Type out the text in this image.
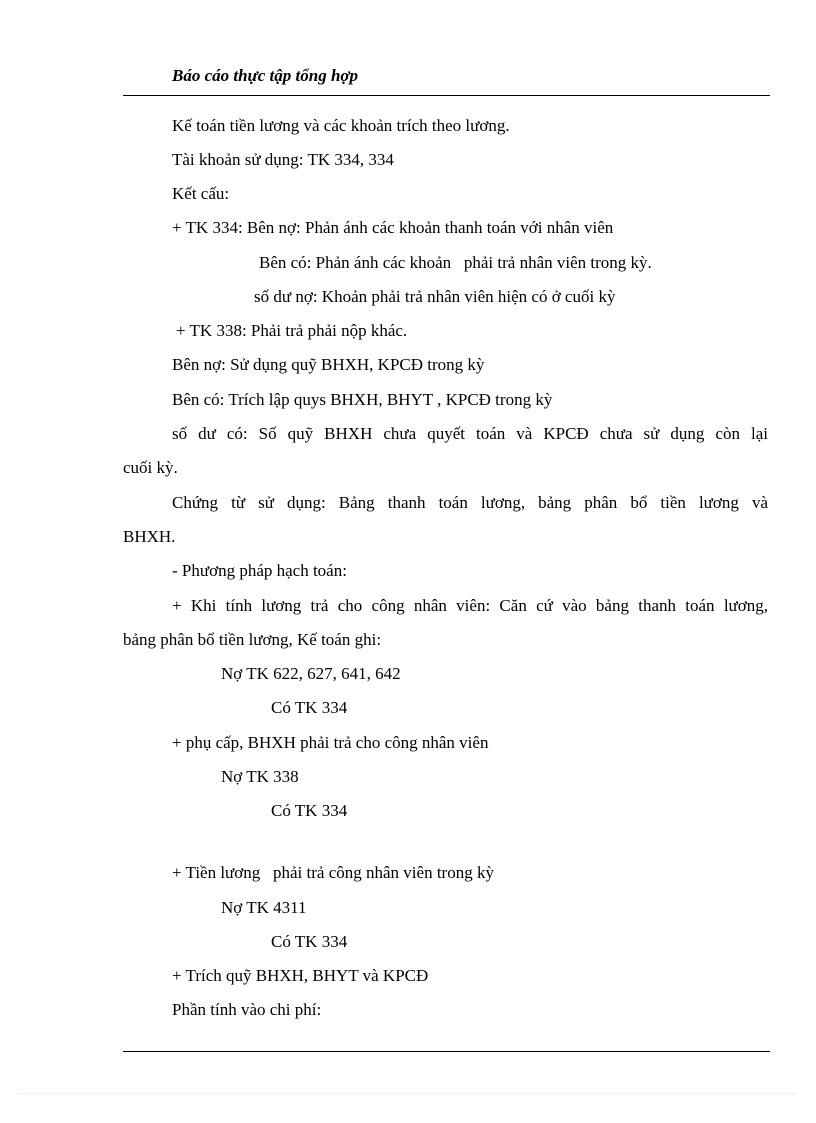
Báo cáo thực tập tổng hợp
Kế toán tiền lương và các khoản trích theo lương.
Tài khoản sử dụng: TK 334, 334
Kết cấu:
+ TK 334: Bên nợ: Phản ánh các khoản thanh toán với nhân viên
Bên có: Phản ánh các khoản   phải trả nhân viên trong kỳ.
số dư nợ: Khoản phải trả nhân viên hiện có ở cuối kỳ
+ TK 338: Phải trả phải nộp khác.
Bên nợ: Sử dụng quỹ BHXH, KPCĐ trong kỳ
Bên có: Trích lập quys BHXH, BHYT , KPCĐ trong kỳ
số dư có: Số quỹ BHXH chưa quyết toán và KPCĐ chưa sử dụng còn lại
cuối kỳ.
Chứng từ sử dụng: Bảng thanh toán lương, bảng phân bổ tiền lương và
BHXH.
- Phương pháp hạch toán:
+ Khi tính lương trả cho công nhân viên: Căn cứ vào bảng thanh toán lương,
bảng phân bổ tiền lương, Kế toán ghi:
Nợ TK 622, 627, 641, 642
Có TK 334
+ phụ cấp, BHXH phải trả cho công nhân viên
Nợ TK 338
Có TK 334
+ Tiền lương   phải trả công nhân viên trong kỳ
Nợ TK 4311
Có TK 334
+ Trích quỹ BHXH, BHYT và KPCĐ
Phần tính vào chi phí:
